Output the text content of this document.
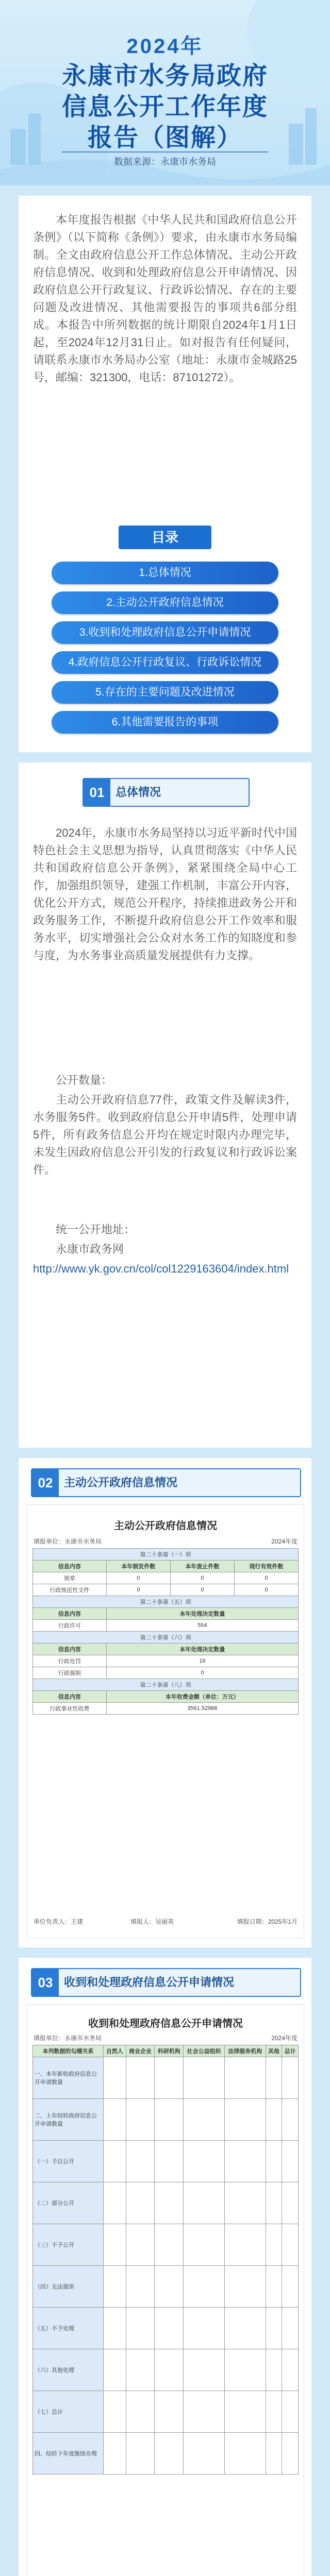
2024年
永康市水务局政府
信息公开工作年度
报告（图解）
数据来源：永康市水务局

本年度报告根据《中华人民共和国政府信息公开条例》（以下简称《条例》）要求，由永康市水务局编制。全文由政府信息公开工作总体情况、主动公开政府信息情况、收到和处理政府信息公开申请情况、因政府信息公开行政复议、行政诉讼情况、存在的主要问题及改进情况、其他需要报告的事项共6部分组成。本报告中所列数据的统计期限自2024年1月1日起，至2024年12月31日止。如对报告有任何疑问，请联系永康市水务局办公室（地址：永康市金城路25号，邮编：321300，电话：87101272）。

目录
1.总体情况
2.主动公开政府信息情况
3.收到和处理政府信息公开申请情况
4.政府信息公开行政复议、行政诉讼情况
5.存在的主要问题及改进情况
6.其他需要报告的事项
01 总体情况

2024年，永康市水务局坚持以习近平新时代中国特色社会主义思想为指导，认真贯彻落实《中华人民共和国政府信息公开条例》，紧紧围绕全局中心工作，加强组织领导，建强工作机制，丰富公开内容，优化公开方式，规范公开程序，持续推进政务公开和政务服务工作，不断提升政府信息公开工作效率和服务水平，切实增强社会公众对水务工作的知晓度和参与度，为水务事业高质量发展提供有力支撑。

公开数量：

主动公开政府信息77件，政策文件及解读3件，水务服务5件。收到政府信息公开申请5件，处理申请5件，所有政务信息公开均在规定时限内办理完毕，未发生因政府信息公开引发的行政复议和行政诉讼案件。

统一公开地址：

永康市政务网

http://www.yk.gov.cn/col/col1229163604/index.html

02 主动公开政府信息情况
主动公开政府信息情况
填报单位：永康市水务局	2024年度
第二十条第（一）项			
信息内容	本年制发件数	本年废止件数	现行有效件数
规章	0	0	0
行政规范性文件	0	0	0
第二十条第（五）项			
信息内容	本年处理决定数量		
行政许可	554		
第二十条第（六）项			
信息内容	本年处理决定数量		
行政处罚	16		
行政强制	0		
第二十条第（八）项			
信息内容	本年收费金额（单位：万元）		
行政事业性收费	3561.52966		
单位负责人：王建	填报人：吴丽英	填报日期：2025年1月
03 收到和处理政府信息公开申请情况
收到和处理政府信息公开申请情况
填报单位：永康市水务局	2024年度
本列数据的勾稽关系	自然人	商业企业	科研机构	社会公益组织	法律服务机构	其他	总计
一、本年新收政府信息公开申请数量							
二、上年结转政府信息公开申请数量							
（一）予以公开							
（二）部分公开							
（三）不予公开							
（四）无法提供							
（五）不予处理							
（六）其他处理							
（七）总计							
四、结转下年度继续办理							
